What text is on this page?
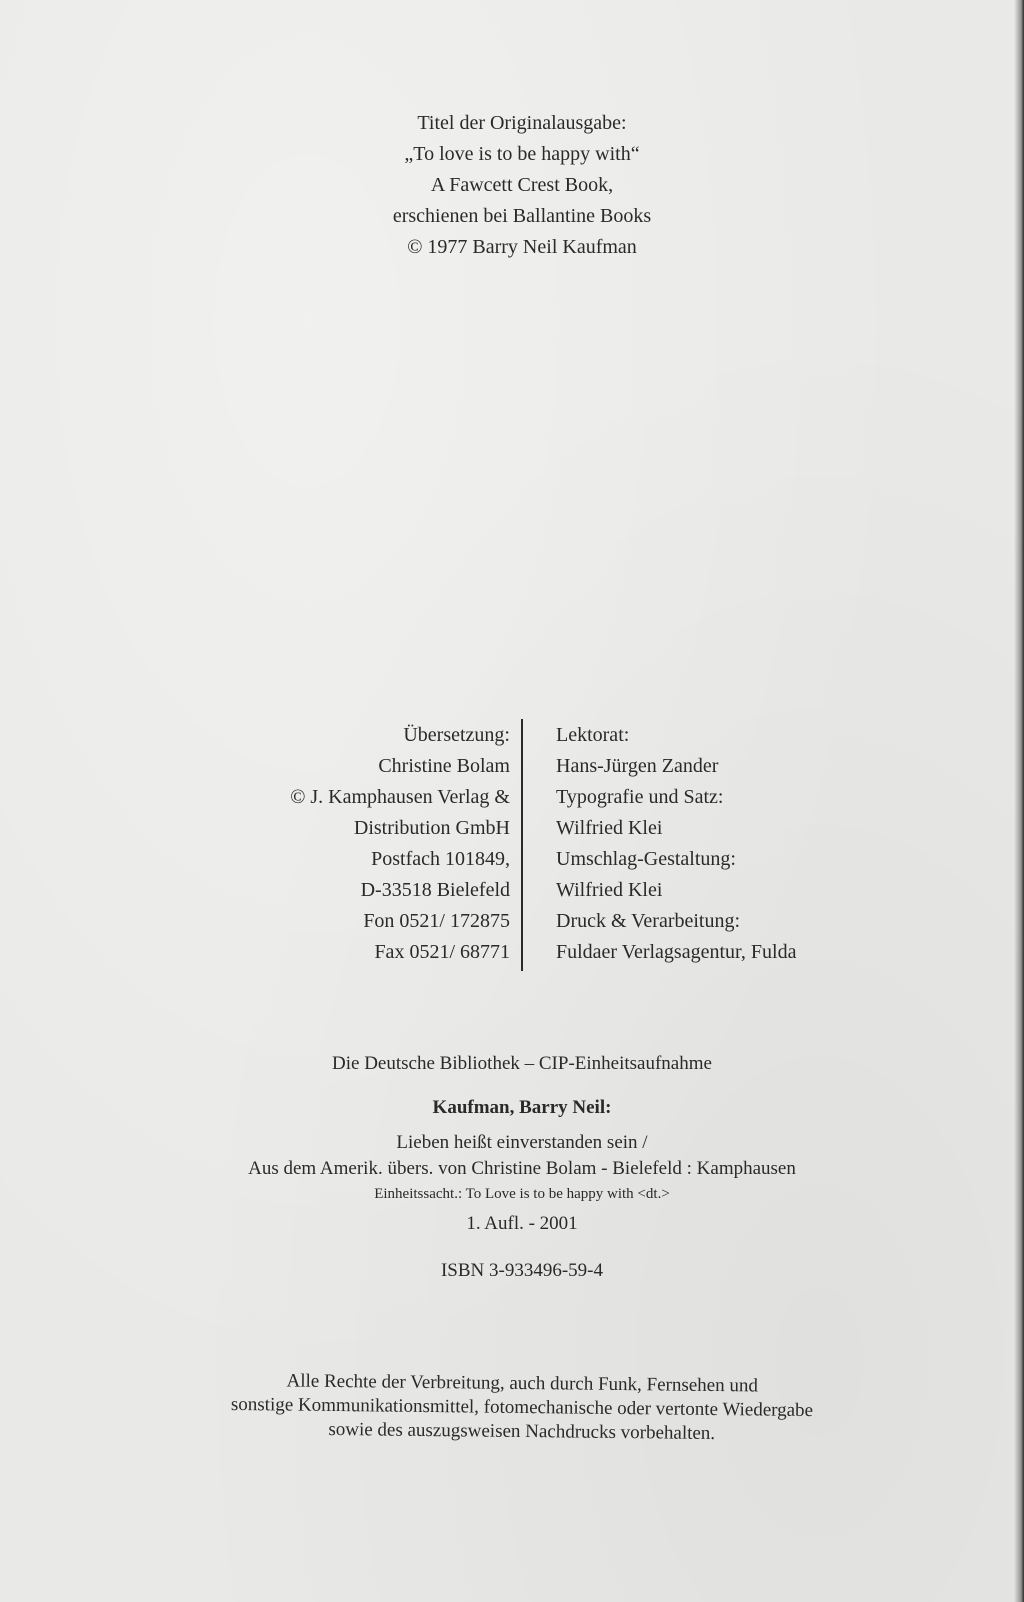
Titel der Originalausgabe:
„To love is to be happy with“
A Fawcett Crest Book,
erschienen bei Ballantine Books
© 1977 Barry Neil Kaufman
Übersetzung:
Christine Bolam
© J. Kamphausen Verlag &
Distribution GmbH
Postfach 101849,
D-33518 Bielefeld
Fon 0521/ 172875
Fax 0521/ 68771
Lektorat:
Hans-Jürgen Zander
Typografie und Satz:
Wilfried Klei
Umschlag-Gestaltung:
Wilfried Klei
Druck & Verarbeitung:
Fuldaer Verlagsagentur, Fulda
Die Deutsche Bibliothek – CIP-Einheitsaufnahme
Kaufman, Barry Neil:
Lieben heißt einverstanden sein /
Aus dem Amerik. übers. von Christine Bolam - Bielefeld : Kamphausen
Einheitssacht.: To Love is to be happy with <dt.>
1. Aufl. - 2001
ISBN 3-933496-59-4
Alle Rechte der Verbreitung, auch durch Funk, Fernsehen und
sonstige Kommunikationsmittel, fotomechanische oder vertonte Wiedergabe
sowie des auszugsweisen Nachdrucks vorbehalten.
